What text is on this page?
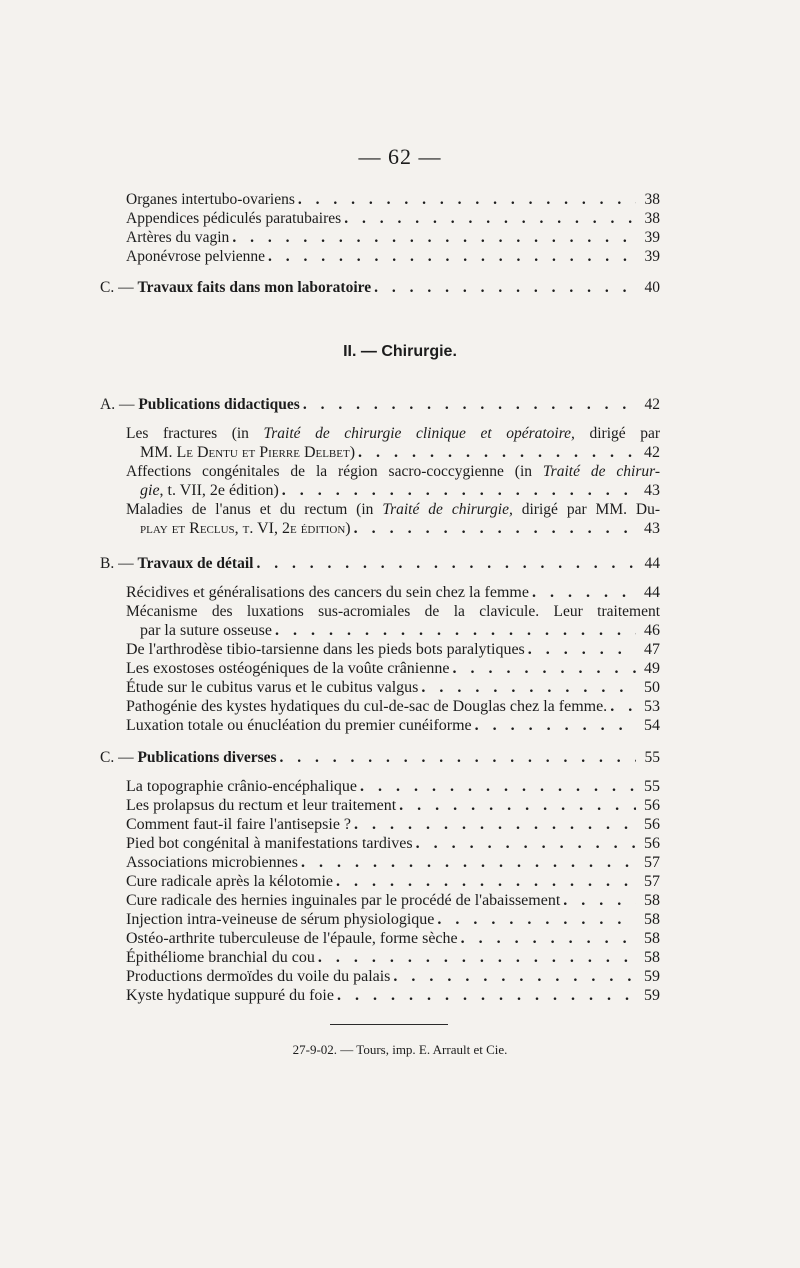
— 62 —
Organes intertubo-ovariens . . .	38
Appendices pédiculés paratubaires . . .	38
Artères du vagin . . .	39
Aponévrose pelvienne . . .	39
C. — Travaux faits dans mon laboratoire . . .	40
II. — Chirurgie.
A. — Publications didactiques . . .	42
Les fractures (in Traité de chirurgie clinique et opératoire, dirigé par
MM. Le Dentu et Pierre Delbet) . . .	42
Affections congénitales de la région sacro-coccygienne (in Traité de chirur-
gie, t. VII, 2e édition) . . .	43
Maladies de l'anus et du rectum (in Traité de chirurgie, dirigé par MM. Du-
play et Reclus, t. VI, 2e édition) . . .	43
B. — Travaux de détail . . .	44
Récidives et généralisations des cancers du sein chez la femme . . .	44
Mécanisme des luxations sus-acromiales de la clavicule. Leur traitement
par la suture osseuse . . .	46
De l'arthrodèse tibio-tarsienne dans les pieds bots paralytiques . . .	47
Les exostoses ostéogéniques de la voûte crânienne . . .	49
Étude sur le cubitus varus et le cubitus valgus . . .	50
Pathogénie des kystes hydatiques du cul-de-sac de Douglas chez la femme. . . .	53
Luxation totale ou énucléation du premier cunéiforme . . .	54
C. — Publications diverses . . .	55
La topographie crânio-encéphalique . . .	55
Les prolapsus du rectum et leur traitement . . .	56
Comment faut-il faire l'antisepsie ? . . .	56
Pied bot congénital à manifestations tardives . . .	56
Associations microbiennes . . .	57
Cure radicale après la kélotomie . . .	57
Cure radicale des hernies inguinales par le procédé de l'abaissement . . .	58
Injection intra-veineuse de sérum physiologique . . .	58
Ostéo-arthrite tuberculeuse de l'épaule, forme sèche . . .	58
Épithéliome branchial du cou . . .	58
Productions dermoïdes du voile du palais . . .	59
Kyste hydatique suppuré du foie . . .	59
27-9-02. — Tours, imp. E. Arrault et Cie.
